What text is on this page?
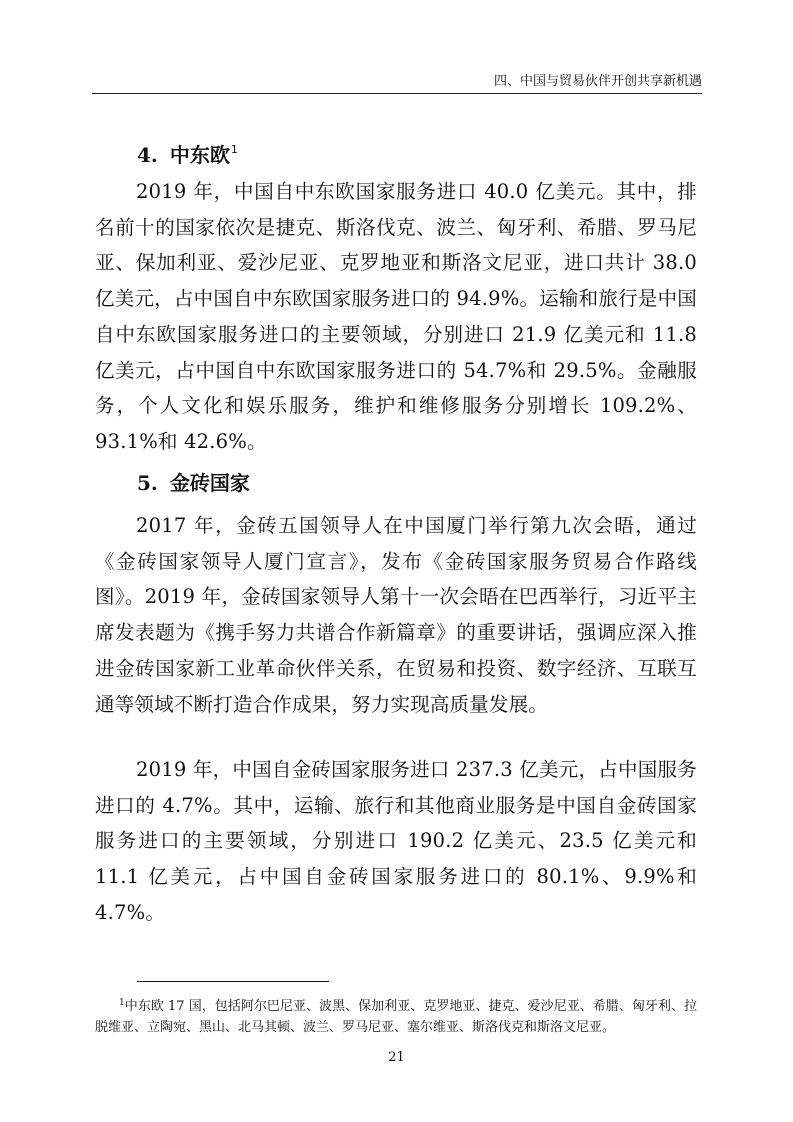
四、中国与贸易伙伴开创共享新机遇
4. 中东欧$^1$

2019 年，中国自中东欧国家服务进口 40.0 亿美元。其中，排名前十的国家依次是捷克、斯洛伐克、波兰、匈牙利、希腊、罗马尼亚、保加利亚、爱沙尼亚、克罗地亚和斯洛文尼亚，进口共计 38.0 亿美元，占中国自中东欧国家服务进口的 94.9%。运输和旅行是中国自中东欧国家服务进口的主要领域，分别进口 21.9 亿美元和 11.8 亿美元，占中国自中东欧国家服务进口的 54.7%和 29.5%。金融服务，个人文化和娱乐服务，维护和维修服务分别增长 109.2%、93.1%和 42.6%。

5. 金砖国家

2017 年，金砖五国领导人在中国厦门举行第九次会晤，通过《金砖国家领导人厦门宣言》，发布《金砖国家服务贸易合作路线图》。2019 年，金砖国家领导人第十一次会晤在巴西举行，习近平主席发表题为《携手努力共谱合作新篇章》的重要讲话，强调应深入推进金砖国家新工业革命伙伴关系，在贸易和投资、数字经济、互联互通等领域不断打造合作成果，努力实现高质量发展。

2019 年，中国自金砖国家服务进口 237.3 亿美元，占中国服务进口的 4.7%。其中，运输、旅行和其他商业服务是中国自金砖国家服务进口的主要领域，分别进口 190.2 亿美元、23.5 亿美元和 11.1 亿美元，占中国自金砖国家服务进口的 80.1%、9.9%和 4.7%。

$^1$中东欧 17 国，包括阿尔巴尼亚、波黑、保加利亚、克罗地亚、捷克、爱沙尼亚、希腊、匈牙利、拉脱维亚、立陶宛、黑山、北马其顿、波兰、罗马尼亚、塞尔维亚、斯洛伐克和斯洛文尼亚。

21
